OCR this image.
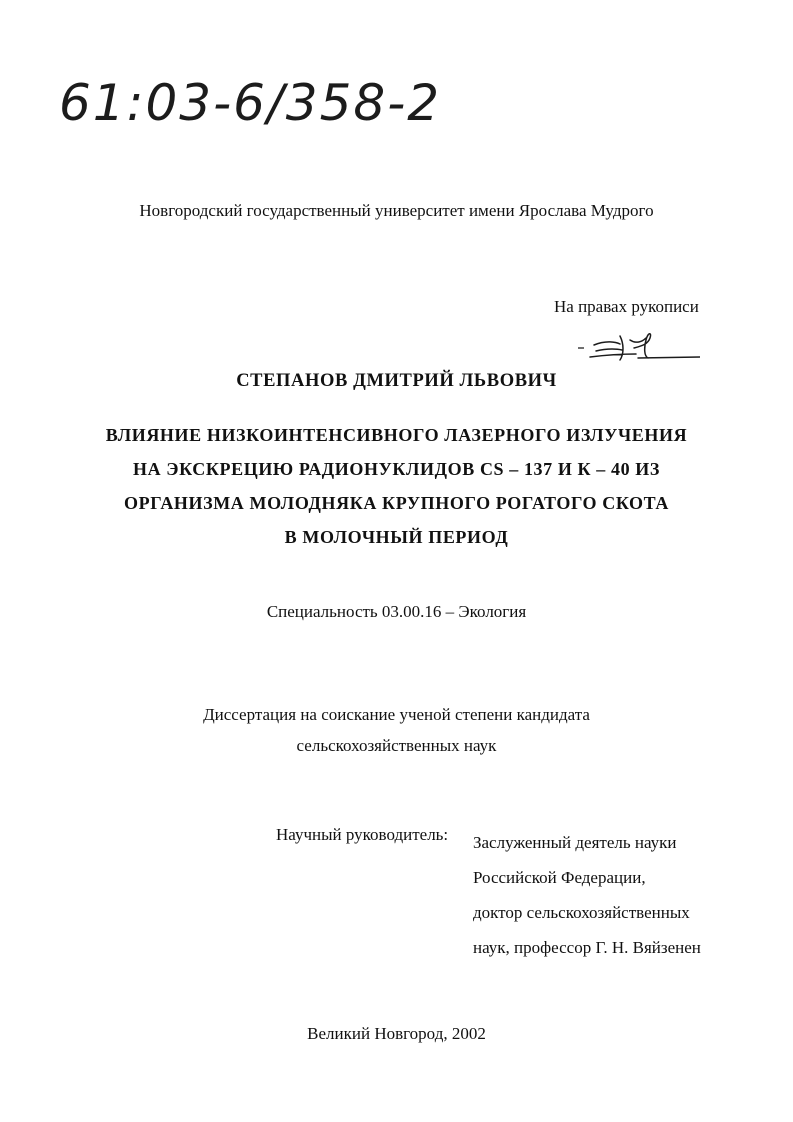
61:03-6/358-2
Новгородский государственный университет имени Ярослава Мудрого
На правах рукописи
СТЕПАНОВ ДМИТРИЙ ЛЬВОВИЧ
ВЛИЯНИЕ НИЗКОИНТЕНСИВНОГО ЛАЗЕРНОГО ИЗЛУЧЕНИЯ
НА ЭКСКРЕЦИЮ РАДИОНУКЛИДОВ CS – 137 И К – 40 ИЗ
ОРГАНИЗМА МОЛОДНЯКА КРУПНОГО РОГАТОГО СКОТА
В МОЛОЧНЫЙ ПЕРИОД
Специальность 03.00.16 – Экология
Диссертация на соискание ученой степени кандидата
сельскохозяйственных наук
Научный руководитель: Заслуженный деятель науки
Российской Федерации,
доктор сельскохозяйственных
наук, профессор Г. Н. Вяйзенен
Великий Новгород, 2002
